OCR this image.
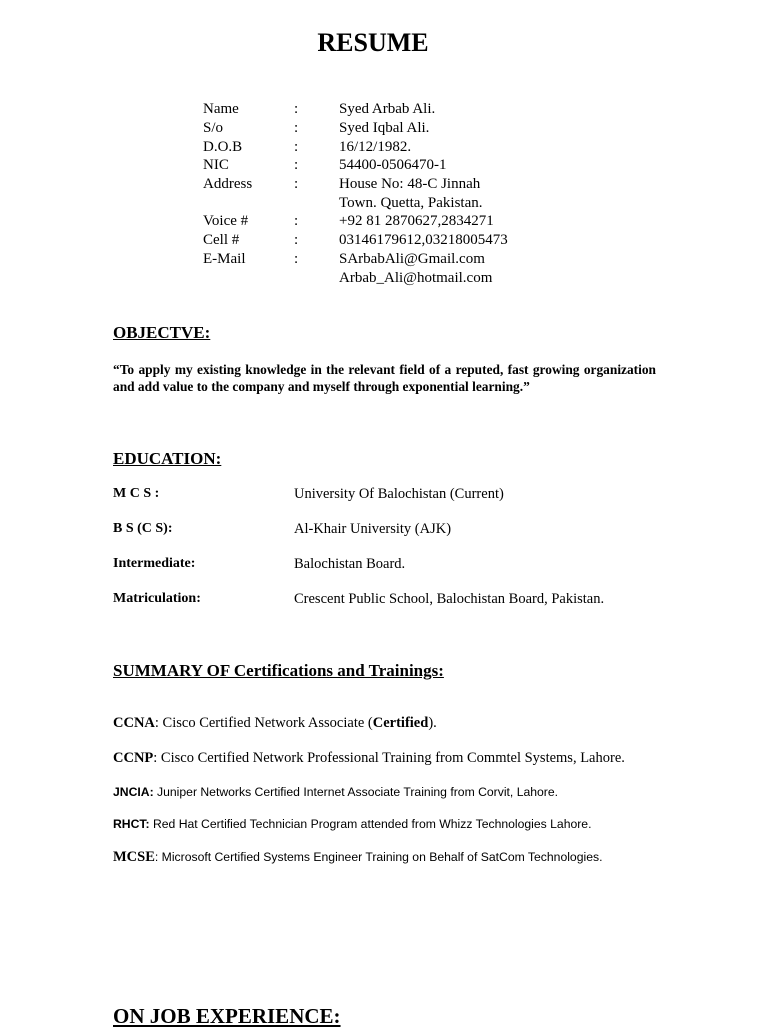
RESUME
Name	:	Syed Arbab Ali.
S/o	:	Syed Iqbal Ali.
D.O.B	:	16/12/1982.
NIC	:	54400-0506470-1
Address	:	House No: 48-C Jinnah
Town. Quetta, Pakistan.
Voice #	:	+92 81 2870627,2834271
Cell #	:	03146179612,03218005473
E-Mail	:	SArbabAli@Gmail.com
Arbab_Ali@hotmail.com
OBJECTVE:
“To apply my existing knowledge in the relevant field of a reputed, fast growing organization and add value to the company and myself through exponential learning.”
EDUCATION:
M C S :	University Of Balochistan (Current)
B S (C S):	Al-Khair University (AJK)
Intermediate:	Balochistan Board.
Matriculation:	Crescent Public School, Balochistan Board, Pakistan.
SUMMARY OF Certifications and Trainings:
CCNA: Cisco Certified Network Associate (Certified).
CCNP: Cisco Certified Network Professional Training from Commtel Systems, Lahore.
JNCIA: Juniper Networks Certified Internet Associate Training from Corvit, Lahore.
RHCT: Red Hat Certified Technician Program attended from Whizz Technologies Lahore.
MCSE: Microsoft Certified Systems Engineer Training on Behalf of SatCom Technologies.
ON JOB EXPERIENCE:
